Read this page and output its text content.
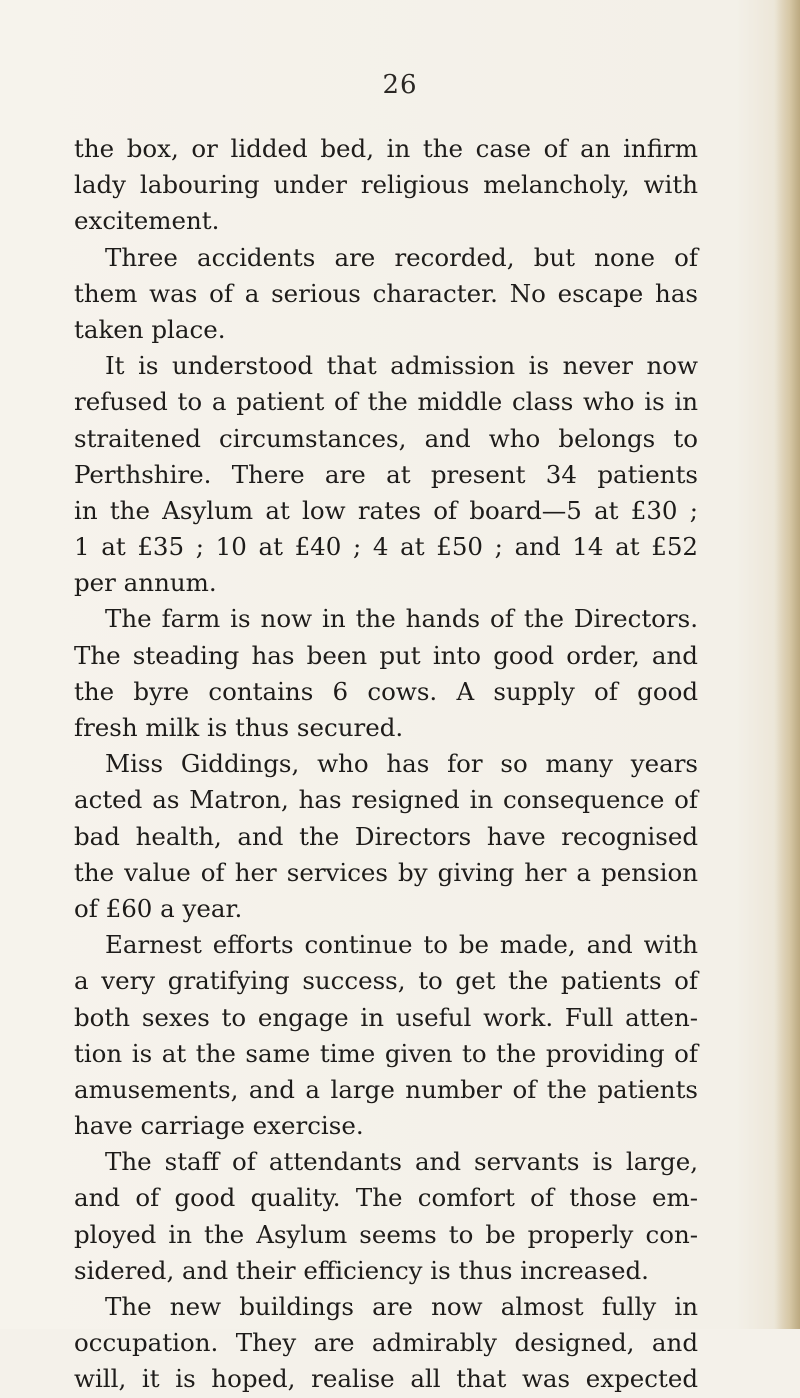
26
the box, or lidded bed, in the case of an infirm
lady labouring under religious melancholy, with
excitement.
Three accidents are recorded, but none of
them was of a serious character. No escape has
taken place.
It is understood that admission is never now
refused to a patient of the middle class who is in
straitened circumstances, and who belongs to
Perthshire. There are at present 34 patients
in the Asylum at low rates of board—5 at £30 ;
1 at £35 ; 10 at £40 ; 4 at £50 ; and 14 at £52
per annum.
The farm is now in the hands of the Directors.
The steading has been put into good order, and
the byre contains 6 cows. A supply of good
fresh milk is thus secured.
Miss Giddings, who has for so many years
acted as Matron, has resigned in consequence of
bad health, and the Directors have recognised
the value of her services by giving her a pension
of £60 a year.
Earnest efforts continue to be made, and with
a very gratifying success, to get the patients of
both sexes to engage in useful work. Full atten-
tion is at the same time given to the providing of
amusements, and a large number of the patients
have carriage exercise.
The staff of attendants and servants is large,
and of good quality. The comfort of those em-
ployed in the Asylum seems to be properly con-
sidered, and their efficiency is thus increased.
The new buildings are now almost fully in
occupation. They are admirably designed, and
will, it is hoped, realise all that was expected
